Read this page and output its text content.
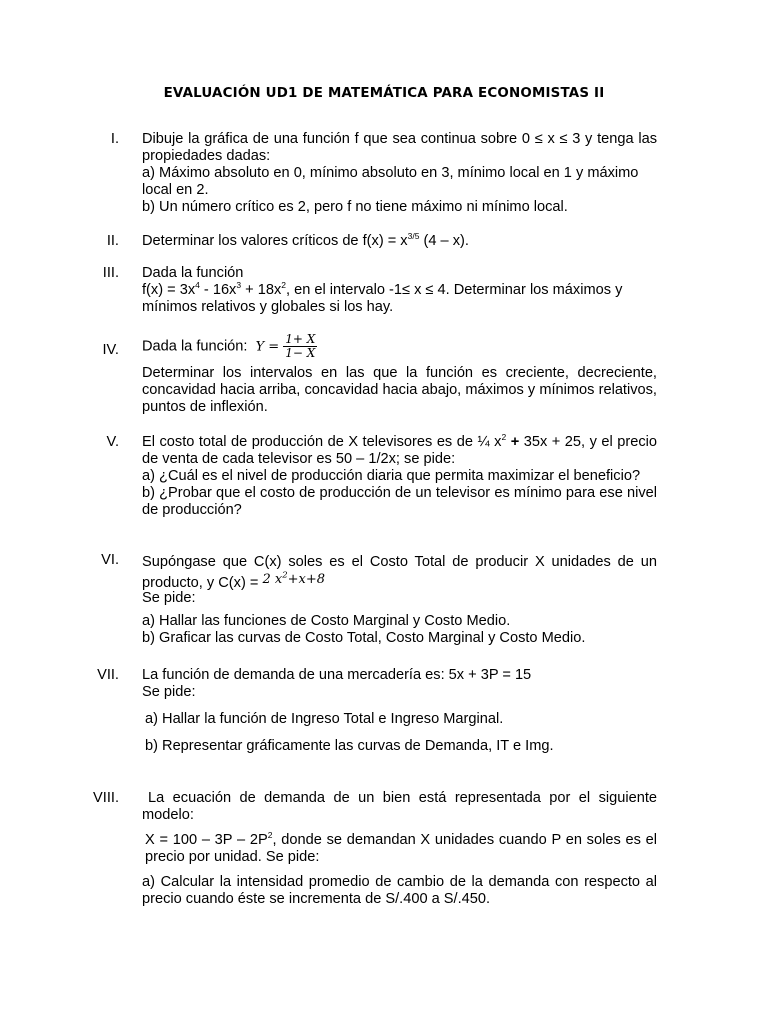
EVALUACIÓN UD1 DE MATEMÁTICA PARA ECONOMISTAS II
I. Dibuje la gráfica de una función f que sea continua sobre 0 ≤ x ≤ 3 y tenga las propiedades dadas:

a) Máximo absoluto en 0, mínimo absoluto en 3, mínimo local en 1 y máximo local en 2.

b) Un número crítico es 2, pero f no tiene máximo ni mínimo local.

II. Determinar los valores críticos de $f(x) = x^{3/5}$ (4 – x).

III. Dada la función

$f(x) = 3x^4 - 16x^3 + 18x^2$, en el intervalo -1≤ x ≤ 4. Determinar los máximos y mínimos relativos y globales si los hay.

IV. Dada la función: $Y = \frac{1+ X}{1- X}$

Determinar los intervalos en las que la función es creciente, decreciente, concavidad hacia arriba, concavidad hacia abajo, máximos y mínimos relativos, puntos de inflexión.

V. El costo total de producción de X televisores es de ¼ $x^2 + 35x + 25$, y el precio de venta de cada televisor es 50 – 1/2x; se pide:

a) ¿Cuál es el nivel de producción diaria que permita maximizar el beneficio?

b) ¿Probar que el costo de producción de un televisor es mínimo para ese nivel de producción?

VI. Supóngase que C(x) soles es el Costo Total de producir X unidades de un producto, y C(x) = 2 $x^2+x+8$

Se pide:

a) Hallar las funciones de Costo Marginal y Costo Medio.

b) Graficar las curvas de Costo Total, Costo Marginal y Costo Medio.

VII. La función de demanda de una mercadería es: 5x + 3P = 15

Se pide:

a) Hallar la función de Ingreso Total e Ingreso Marginal.

b) Representar gráficamente las curvas de Demanda, IT e Img.

VIII.	La ecuación de demanda de un bien está representada por el siguiente modelo:

$X = 100 - 3P - 2P^2$, donde se demandan X unidades cuando P en soles es el precio por unidad. Se pide:

a) Calcular la intensidad promedio de cambio de la demanda con respecto al precio cuando éste se incrementa de S/.400 a S/.450.
